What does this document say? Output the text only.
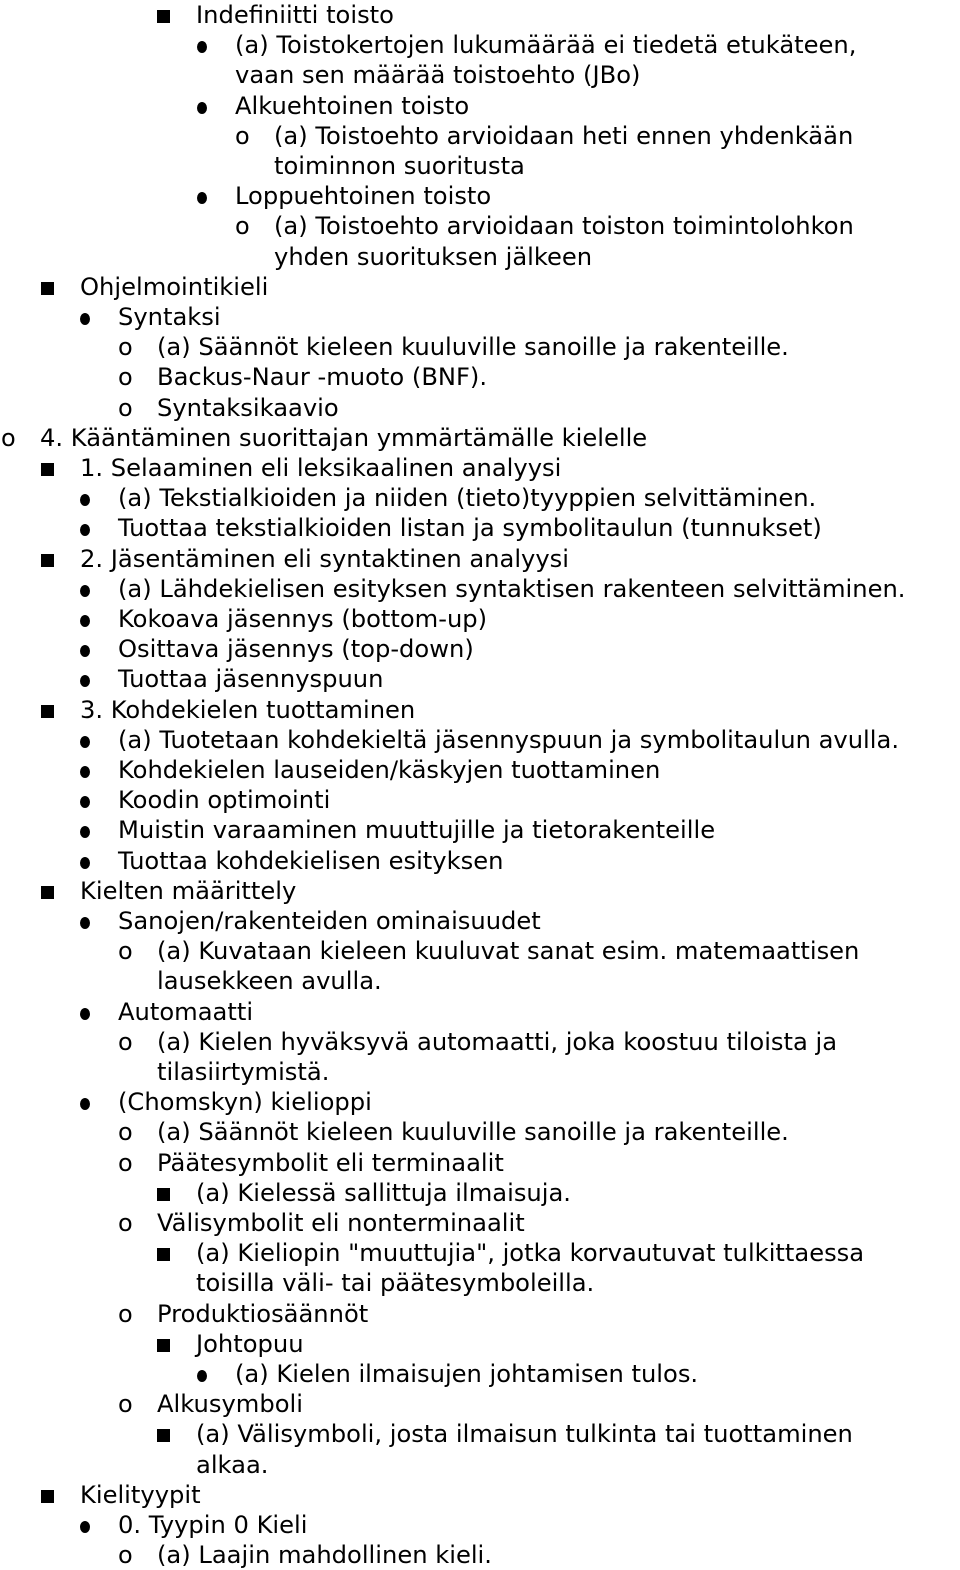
Indefiniitti toisto
(a) Toistokertojen lukumäärää ei tiedetä etukäteen,
vaan sen määrää toistoehto (JBo)
Alkuehtoinen toisto
o	(a) Toistoehto arvioidaan heti ennen yhdenkään
toiminnon suoritusta
Loppuehtoinen toisto
o	(a) Toistoehto arvioidaan toiston toimintolohkon
yhden suorituksen jälkeen
Ohjelmointikieli
Syntaksi
o	(a) Säännöt kieleen kuuluville sanoille ja rakenteille.
o	Backus-Naur -muoto (BNF).
o	Syntaksikaavio
o	4. Kääntäminen suorittajan ymmärtämälle kielelle
1. Selaaminen eli leksikaalinen analyysi
(a) Tekstialkioiden ja niiden (tieto)tyyppien selvittäminen.
Tuottaa tekstialkioiden listan ja symbolitaulun (tunnukset)
2. Jäsentäminen eli syntaktinen analyysi
(a) Lähdekielisen esityksen syntaktisen rakenteen selvittäminen.
Kokoava jäsennys (bottom-up)
Osittava jäsennys (top-down)
Tuottaa jäsennyspuun
3. Kohdekielen tuottaminen
(a) Tuotetaan kohdekieltä jäsennyspuun ja symbolitaulun avulla.
Kohdekielen lauseiden/käskyjen tuottaminen
Koodin optimointi
Muistin varaaminen muuttujille ja tietorakenteille
Tuottaa kohdekielisen esityksen
Kielten määrittely
Sanojen/rakenteiden ominaisuudet
o	(a) Kuvataan kieleen kuuluvat sanat esim. matemaattisen
lausekkeen avulla.
Automaatti
o	(a) Kielen hyväksyvä automaatti, joka koostuu tiloista ja
tilasiirtymistä.
(Chomskyn) kielioppi
o	(a) Säännöt kieleen kuuluville sanoille ja rakenteille.
o	Päätesymbolit eli terminaalit
(a) Kielessä sallittuja ilmaisuja.
o	Välisymbolit eli nonterminaalit
(a) Kieliopin "muuttujia", jotka korvautuvat tulkittaessa
toisilla väli- tai päätesymboleilla.
o	Produktiosäännöt
Johtopuu
(a) Kielen ilmaisujen johtamisen tulos.
o	Alkusymboli
(a) Välisymboli, josta ilmaisun tulkinta tai tuottaminen
alkaa.
Kielityypit
0. Tyypin 0 Kieli
o	(a) Laajin mahdollinen kieli.
